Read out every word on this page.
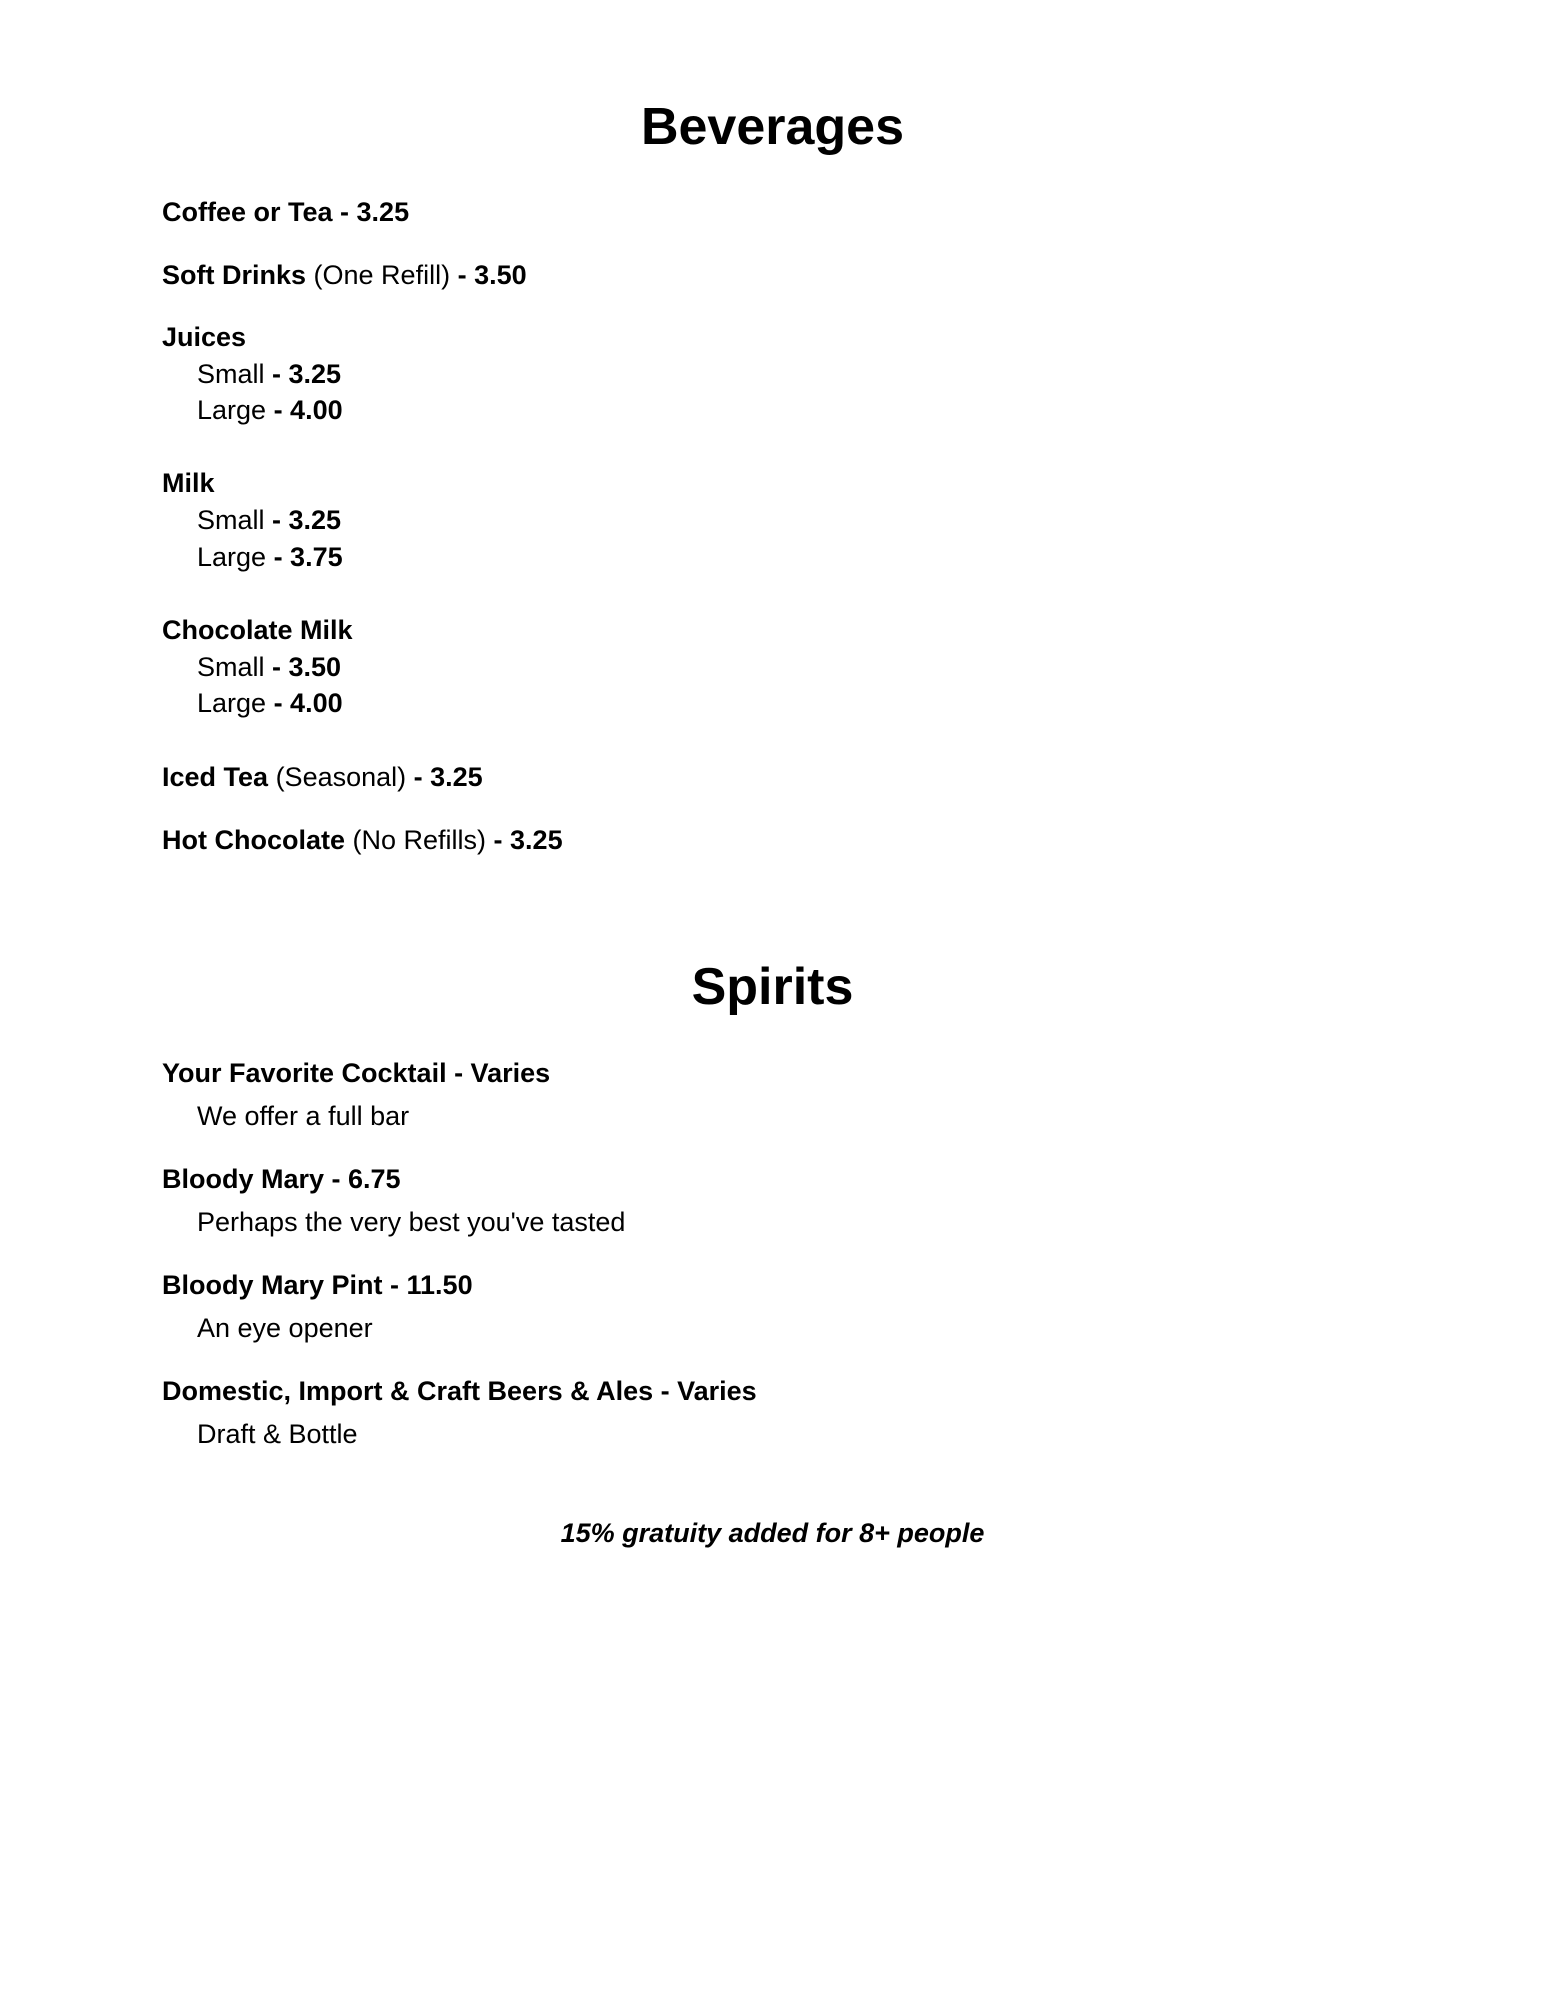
Beverages
Coffee or Tea - 3.25
Soft Drinks (One Refill) - 3.50
Juices
Small - 3.25
Large - 4.00
Milk
Small - 3.25
Large - 3.75
Chocolate Milk
Small - 3.50
Large - 4.00
Iced Tea (Seasonal) - 3.25
Hot Chocolate (No Refills) - 3.25
Spirits
Your Favorite Cocktail - Varies
We offer a full bar
Bloody Mary - 6.75
Perhaps the very best you've tasted
Bloody Mary Pint - 11.50
An eye opener
Domestic, Import & Craft Beers & Ales - Varies
Draft & Bottle
15% gratuity added for 8+ people
